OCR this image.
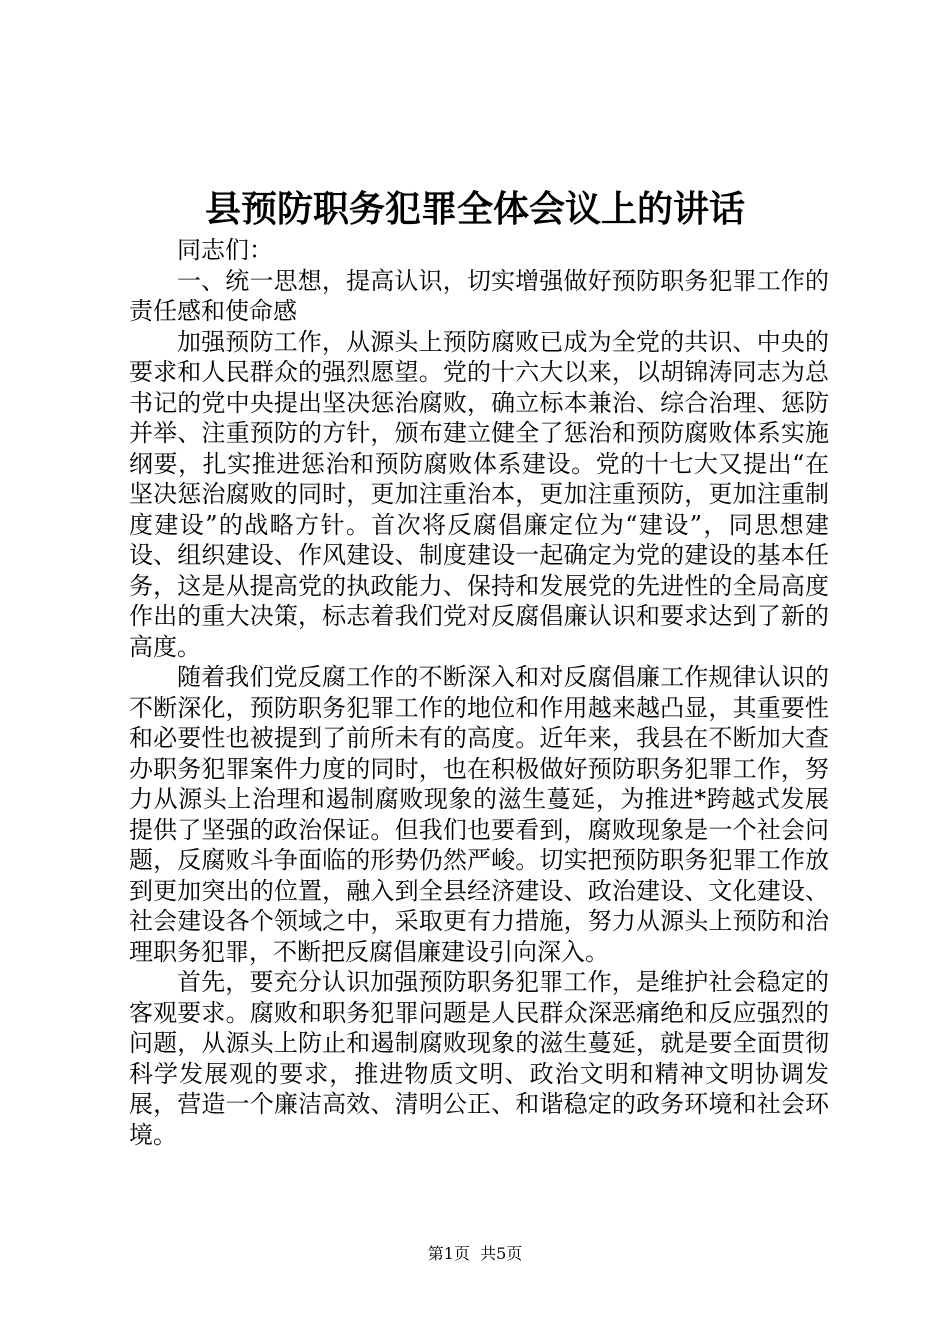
县预防职务犯罪全体会议上的讲话

同志们：

一、统一思想，提高认识，切实增强做好预防职务犯罪工作的责任感和使命感

加强预防工作，从源头上预防腐败已成为全党的共识、中央的要求和人民群众的强烈愿望。党的十六大以来，以胡锦涛同志为总书记的党中央提出坚决惩治腐败，确立标本兼治、综合治理、惩防并举、注重预防的方针，颁布建立健全了惩治和预防腐败体系实施纲要，扎实推进惩治和预防腐败体系建设。党的十七大又提出“在坚决惩治腐败的同时，更加注重治本，更加注重预防，更加注重制度建设”的战略方针。首次将反腐倡廉定位为“建设”，同思想建设、组织建设、作风建设、制度建设一起确定为党的建设的基本任务，这是从提高党的执政能力、保持和发展党的先进性的全局高度作出的重大决策，标志着我们党对反腐倡廉认识和要求达到了新的高度。

随着我们党反腐工作的不断深入和对反腐倡廉工作规律认识的不断深化，预防职务犯罪工作的地位和作用越来越凸显，其重要性和必要性也被提到了前所未有的高度。近年来，我县在不断加大查办职务犯罪案件力度的同时，也在积极做好预防职务犯罪工作，努力从源头上治理和遏制腐败现象的滋生蔓延，为推进*跨越式发展提供了坚强的政治保证。但我们也要看到，腐败现象是一个社会问题，反腐败斗争面临的形势仍然严峻。切实把预防职务犯罪工作放到更加突出的位置，融入到全县经济建设、政治建设、文化建设、社会建设各个领域之中，采取更有力措施，努力从源头上预防和治理职务犯罪，不断把反腐倡廉建设引向深入。

首先，要充分认识加强预防职务犯罪工作，是维护社会稳定的客观要求。腐败和职务犯罪问题是人民群众深恶痛绝和反应强烈的问题，从源头上防止和遏制腐败现象的滋生蔓延，就是要全面贯彻科学发展观的要求，推进物质文明、政治文明和精神文明协调发展，营造一个廉洁高效、清明公正、和谐稳定的政务环境和社会环境。

第1页  共5页
